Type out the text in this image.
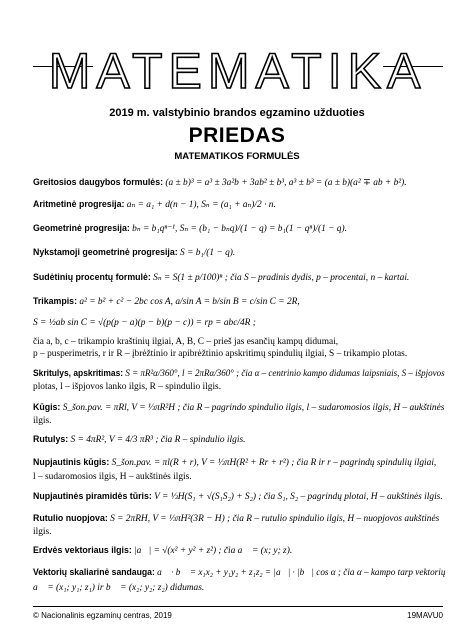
MATEMATIKA
2019 m. valstybinio brandos egzamino užduoties
PRIEDAS
MATEMATIKOS FORMULĖS
Greitosios daugybos formulės: (a ± b)³ = a³ ± 3a²b + 3ab² ± b³, a³ ± b³ = (a ± b)(a² ∓ ab + b²).
Aritmetinė progresija: aₙ = a₁ + d(n − 1), Sₙ = (a₁ + aₙ)/2 · n.
Geometrinė progresija: bₙ = b₁qⁿ⁻¹, Sₙ = (b₁ − bₙq)/(1 − q) = b₁(1 − qⁿ)/(1 − q).
Nykstamoji geometrinė progresija: S = b₁/(1 − q).
Sudėtinių procentų formulė: Sₙ = S(1 ± p/100)ⁿ ; čia S – pradinis dydis, p – procentai, n – kartai.
Trikampis: a² = b² + c² − 2bc cos A, a/sin A = b/sin B = c/sin C = 2R,
S = ½ab sin C = √(p(p − a)(p − b)(p − c)) = rp = abc/4R ;
čia a, b, c – trikampio kraštinių ilgiai, A, B, C – prieš jas esančių kampų didumai,
p – pusperimetris, r ir R – įbrėžtinio ir apibrėžtinio apskritimų spindulių ilgiai, S – trikampio plotas.
Skritulys, apskritimas: S = πR²α/360°, l = 2πRα/360° ; čia α – centrinio kampo didumas laipsniais, S – išpjovos
plotas, l – išpjovos lanko ilgis, R – spindulio ilgis.
Kūgis: S_šon.pav. = πRl, V = ⅓πR²H ; čia R – pagrindo spindulio ilgis, l – sudaromosios ilgis, H – aukštinės
ilgis.
Rutulys: S = 4πR², V = 4/3 πR³ ; čia R – spindulio ilgis.
Nupjautinis kūgis: S_šon.pav. = πl(R + r), V = ⅓πH(R² + Rr + r²) ; čia R ir r – pagrindų spindulių ilgiai,
l – sudaromosios ilgis, H – aukštinės ilgis.
Nupjautinės piramidės tūris: V = ⅓H(S₁ + √(S₁S₂) + S₂) ; čia S₁, S₂ – pagrindų plotai, H – aukštinės ilgis.
Rutulio nuopjova: S = 2πRH, V = ⅓πH²(3R − H) ; čia R – rutulio spindulio ilgis, H – nuopjovos aukštinės
ilgis.
Erdvės vektoriaus ilgis: |a⃗| = √(x² + y² + z²) ; čia a⃗ = (x; y; z).
Vektorių skaliarinė sandauga: a⃗ · b⃗ = x₁x₂ + y₁y₂ + z₁z₂ = |a⃗| · |b⃗| cos α ; čia α – kampo tarp vektorių
a⃗ = (x₁; y₁; z₁) ir b⃗ = (x₂; y₂; z₂) didumas.
© Nacionalinis egzaminų centras, 2019	19MAVU0
